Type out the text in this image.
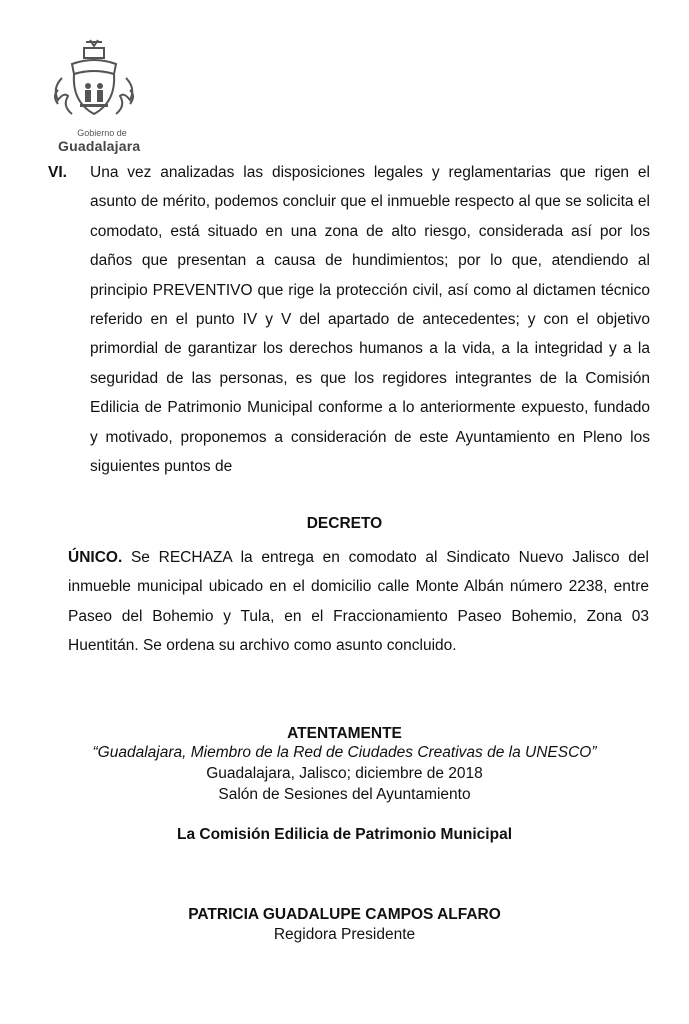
Gobierno de
Guadalajara
VI. Una vez analizadas las disposiciones legales y reglamentarias que rigen el asunto de mérito, podemos concluir que el inmueble respecto al que se solicita el comodato, está situado en una zona de alto riesgo, considerada así por los daños que presentan a causa de hundimientos; por lo que, atendiendo al principio PREVENTIVO que rige la protección civil, así como al dictamen técnico referido en el punto IV y V del apartado de antecedentes; y con el objetivo primordial de garantizar los derechos humanos a la vida, a la integridad y a la seguridad de las personas, es que los regidores integrantes de la Comisión Edilicia de Patrimonio Municipal conforme a lo anteriormente expuesto, fundado y motivado, proponemos a consideración de este Ayuntamiento en Pleno los siguientes puntos de

DECRETO

ÚNICO. Se RECHAZA la entrega en comodato al Sindicato Nuevo Jalisco del inmueble municipal ubicado en el domicilio calle Monte Albán número 2238, entre Paseo del Bohemio y Tula, en el Fraccionamiento Paseo Bohemio, Zona 03 Huentitán. Se ordena su archivo como asunto concluido.

ATENTAMENTE
“Guadalajara, Miembro de la Red de Ciudades Creativas de la UNESCO”
Guadalajara, Jalisco; diciembre de 2018
Salón de Sesiones del Ayuntamiento
La Comisión Edilicia de Patrimonio Municipal
PATRICIA GUADALUPE CAMPOS ALFARO
Regidora Presidente
